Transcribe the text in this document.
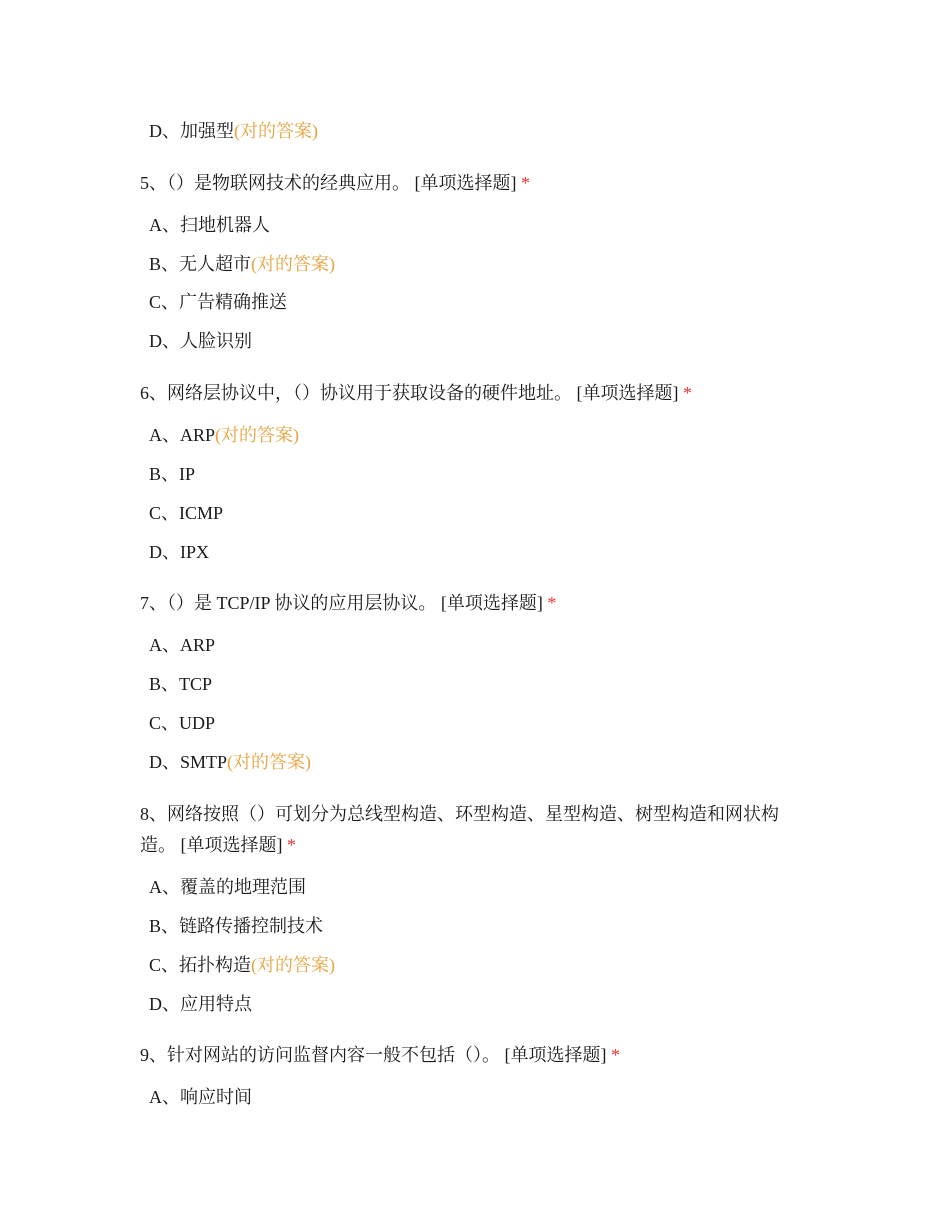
D、加强型(对的答案)
5、（）是物联网技术的经典应用。 [单项选择题] *
A、扫地机器人
B、无人超市(对的答案)
C、广告精确推送
D、人脸识别
6、网络层协议中，（）协议用于获取设备的硬件地址。 [单项选择题] *
A、ARP(对的答案)
B、IP
C、ICMP
D、IPX
7、（）是 TCP/IP 协议的应用层协议。 [单项选择题] *
A、ARP
B、TCP
C、UDP
D、SMTP(对的答案)
8、网络按照（）可划分为总线型构造、环型构造、星型构造、树型构造和网状构造。 [单项选择题] *
A、覆盖的地理范围
B、链路传播控制技术
C、拓扑构造(对的答案)
D、应用特点
9、针对网站的访问监督内容一般不包括（）。 [单项选择题] *
A、响应时间
